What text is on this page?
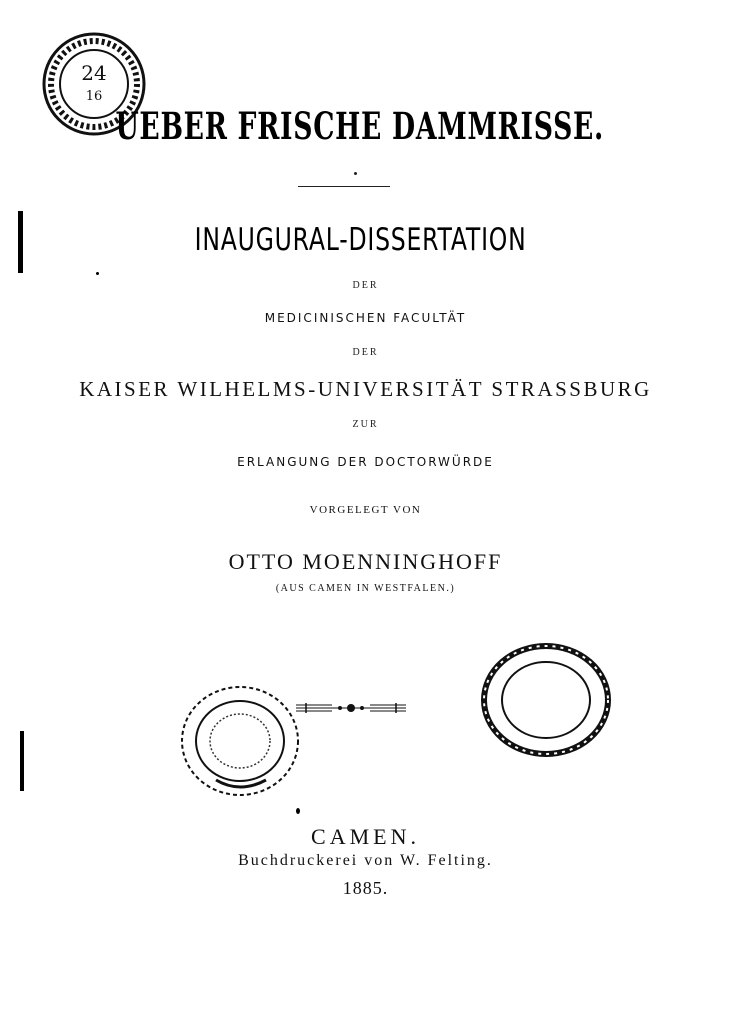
24
16
UEBER FRISCHE DAMMRISSE.
INAUGURAL-DISSERTATION
DER
MEDICINISCHEN FACULTÄT
DER
KAISER WILHELMS-UNIVERSITÄT STRASSBURG
ZUR
ERLANGUNG DER DOCTORWÜRDE
VORGELEGT VON
OTTO MOENNINGHOFF
(AUS CAMEN IN WESTFALEN.)
CAMEN.
Buchdruckerei von W. Felting.
1885.
